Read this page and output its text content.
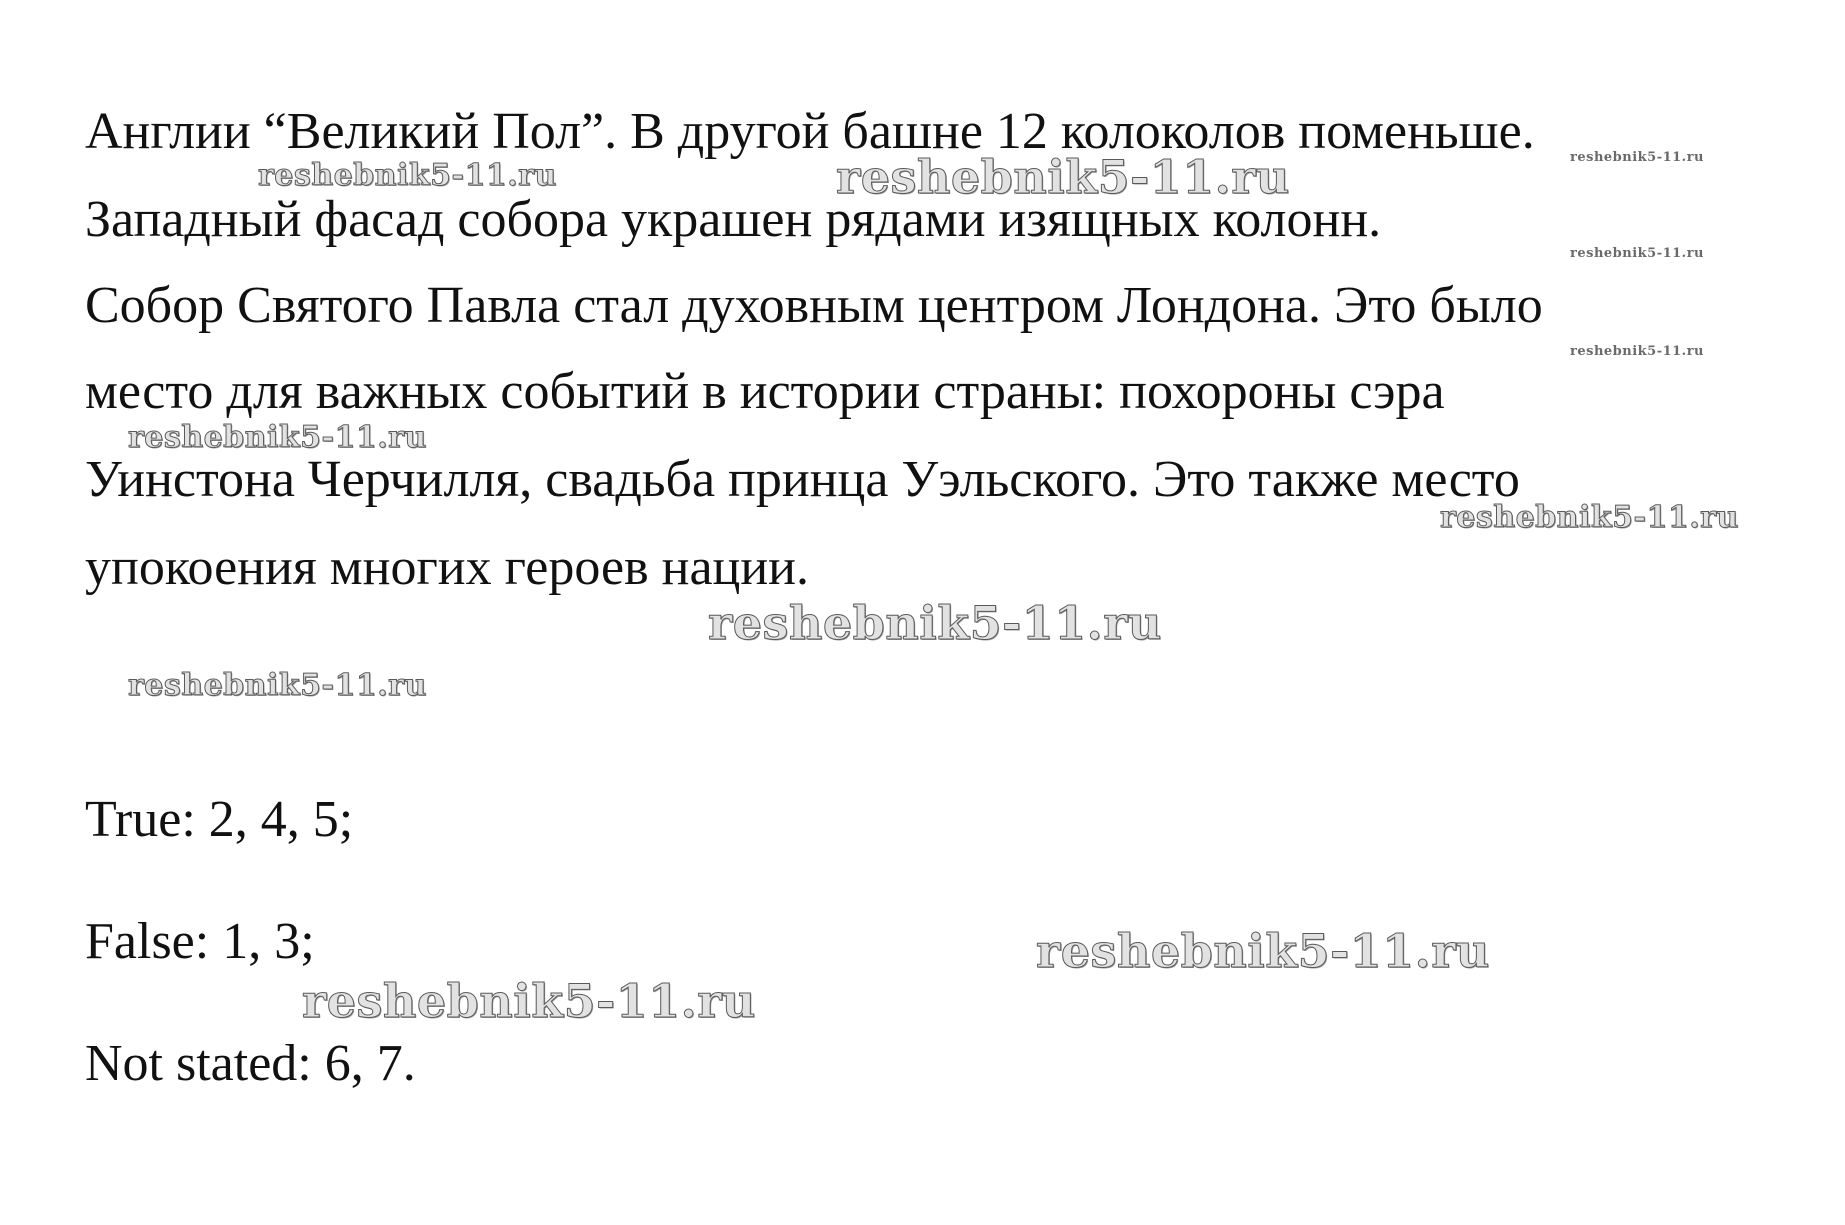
Англии “Великий Пол”. В другой башне 12 колоколов поменьше.
Западный фасад собора украшен рядами изящных колонн.
Собор Святого Павла стал духовным центром Лондона. Это было
место для важных событий в истории страны: похороны сэра
Уинстона Черчилля, свадьба принца Уэльского. Это также место
упокоения многих героев нации.
True: 2, 4, 5;
False: 1, 3;
Not stated: 6, 7.
reshebnik5-11.ru	reshebnik5-11.ru	reshebnik5-11.ru
reshebnik5-11.ru
reshebnik5-11.ru
reshebnik5-11.ru
reshebnik5-11.ru
reshebnik5-11.ru
reshebnik5-11.ru
reshebnik5-11.ru
reshebnik5-11.ru
